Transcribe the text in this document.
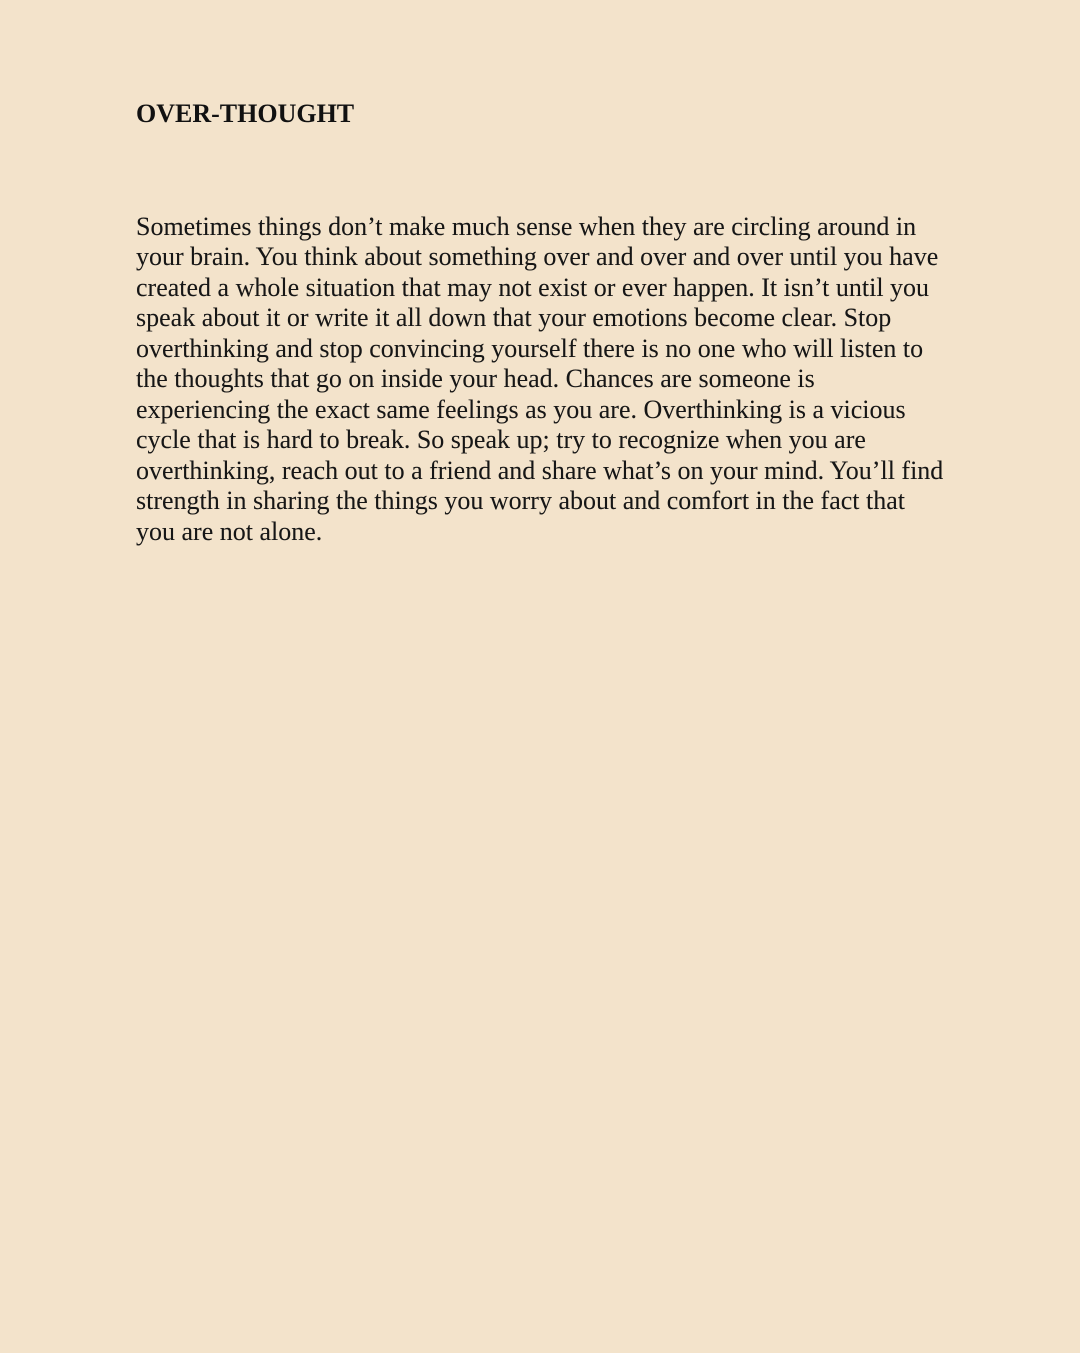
OVER-THOUGHT

Sometimes things don’t make much sense when they are circling around in your brain. You think about something over and over and over until you have created a whole situation that may not exist or ever happen. It isn’t until you speak about it or write it all down that your emotions become clear. Stop overthinking and stop convincing yourself there is no one who will listen to the thoughts that go on inside your head. Chances are someone is experiencing the exact same feelings as you are. Overthinking is a vicious cycle that is hard to break. So speak up; try to recognize when you are overthinking, reach out to a friend and share what’s on your mind. You’ll find strength in sharing the things you worry about and comfort in the fact that you are not alone.
